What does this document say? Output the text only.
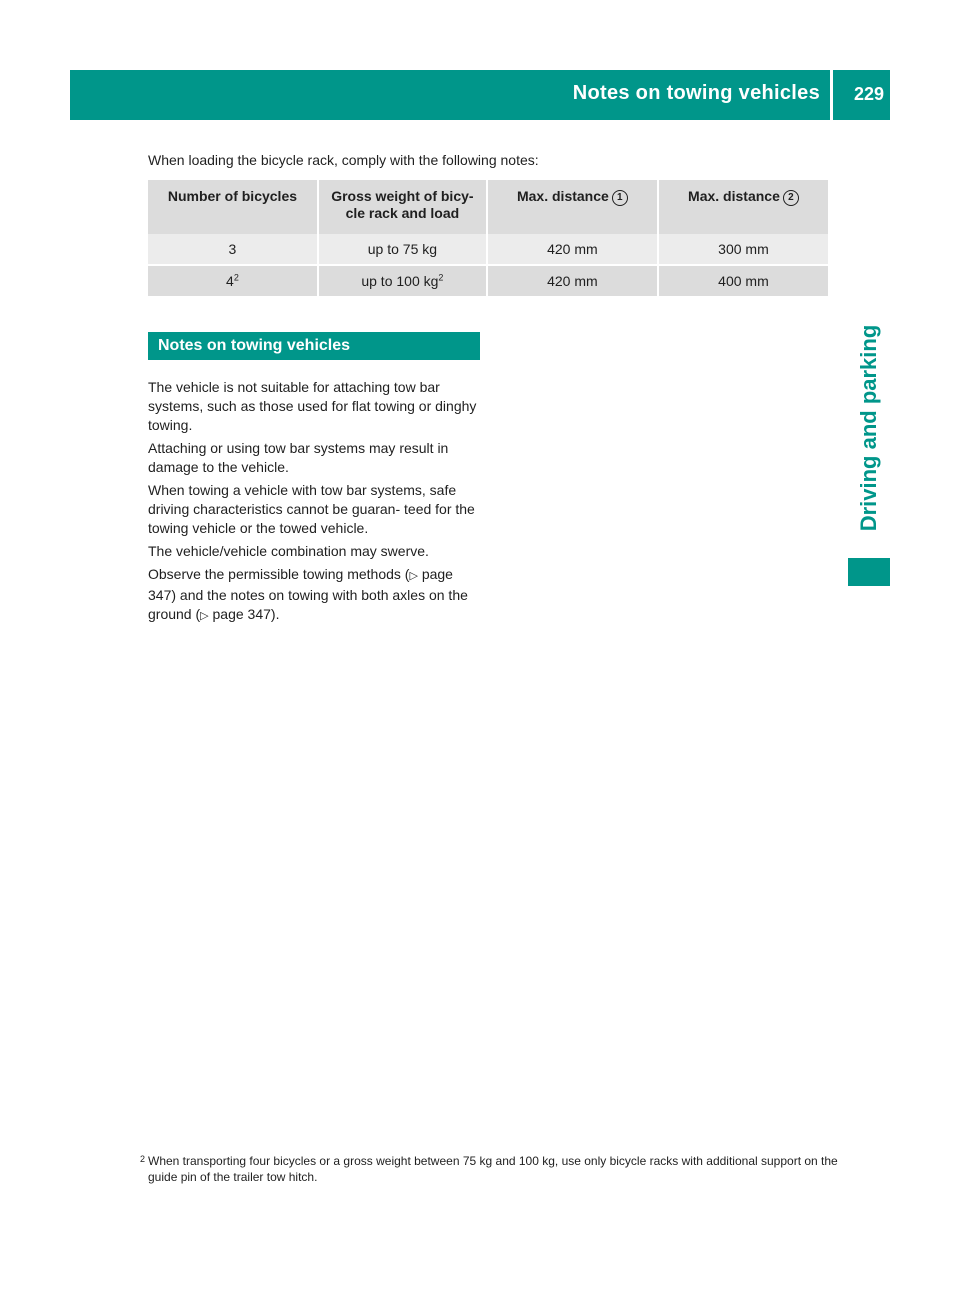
Notes on towing vehicles 229
Driving and parking
When loading the bicycle rack, comply with the following notes:
Number of bicycles	Gross weight of bicy- cle rack and load	Max. distance 1	Max. distance 2
3	up to 75 kg	420 mm	300 mm

$4^2$	up to 100 $kg^2$	420 mm	400 mm
Notes on towing vehicles

The vehicle is not suitable for attaching tow bar systems, such as those used for flat towing or dinghy towing.

Attaching or using tow bar systems may result in damage to the vehicle.

When towing a vehicle with tow bar systems, safe driving characteristics cannot be guaran- teed for the towing vehicle or the towed vehicle.

The vehicle/vehicle combination may swerve.

Observe the permissible towing methods (▷ page 347) and the notes on towing with both axles on the ground (▷ page 347).

2 When transporting four bicycles or a gross weight between 75 kg and 100 kg, use only bicycle racks with additional support on the guide pin of the trailer tow hitch.
